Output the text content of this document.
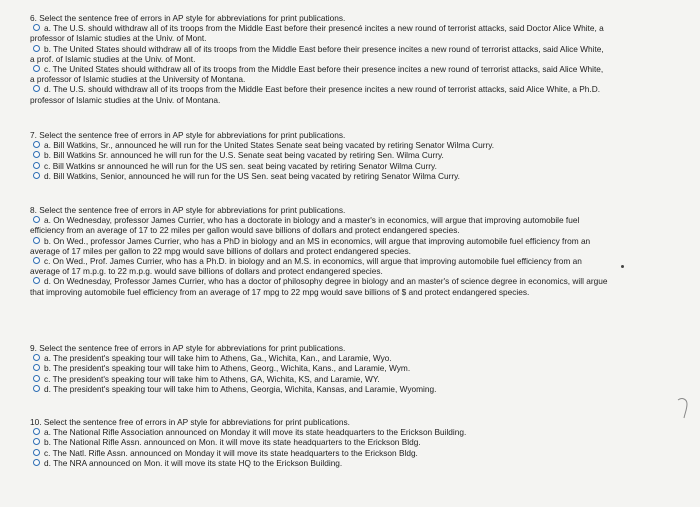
6. Select the sentence free of errors in AP style for abbreviations for print publications.
a. The U.S. should withdraw all of its troops from the Middle East before their presencé incites a new round of terrorist attacks, said Doctor Alice White, a professor of Islamic studies at the Univ. of Mont.
b. The United States should withdraw all of its troops from the Middle East before their presence incites a new round of terrorist attacks, said Alice White, a prof. of Islamic studies at the Univ. of Mont.
c. The United States should withdraw all of its troops from the Middle East before their presence incites a new round of terrorist attacks, said Alice White, a professor of Islamic studies at the University of Montana.
d. The U.S. should withdraw all of its troops from the Middle East before their presence incites a new round of terrorist attacks, said Alice White, a Ph.D. professor of Islamic studies at the Univ. of Montana.
7. Select the sentence free of errors in AP style for abbreviations for print publications.
a. Bill Watkins, Sr., announced he will run for the United States Senate seat being vacated by retiring Senator Wilma Curry.
b. Bill Watkins Sr. announced he will run for the U.S. Senate seat being vacated by retiring Sen. Wilma Curry.
c. Bill Watkins sr announced he will run for the US sen. seat being vacated by retiring Senator Wilma Curry.
d. Bill Watkins, Senior, announced he will run for the US Sen. seat being vacated by retiring Senator Wilma Curry.
8. Select the sentence free of errors in AP style for abbreviations for print publications.
a. On Wednesday, professor James Currier, who has a doctorate in biology and a master's in economics, will argue that improving automobile fuel efficiency from an average of 17 to 22 miles per gallon would save billions of dollars and protect endangered species.
b. On Wed., professor James Currier, who has a PhD in biology and an MS in economics, will argue that improving automobile fuel efficiency from an average of 17 miles per gallon to 22 mpg would save billions of dollars and protect endangered species.
c. On Wed., Prof. James Currier, who has a Ph.D. in biology and an M.S. in economics, will argue that improving automobile fuel efficiency from an average of 17 m.p.g. to 22 m.p.g. would save billions of dollars and protect endangered species.
d. On Wednesday, Professor James Currier, who has a doctor of philosophy degree in biology and an master's of science degree in economics, will argue that improving automobile fuel efficiency from an average of 17 mpg to 22 mpg would save billions of $ and protect endangered species.
9. Select the sentence free of errors in AP style for abbreviations for print publications.
a. The president's speaking tour will take him to Athens, Ga., Wichita, Kan., and Laramie, Wyo.
b. The president's speaking tour will take him to Athens, Georg., Wichita, Kans., and Laramie, Wym.
c. The president's speaking tour will take him to Athens, GA, Wichita, KS, and Laramie, WY.
d. The president's speaking tour will take him to Athens, Georgia, Wichita, Kansas, and Laramie, Wyoming.
10. Select the sentence free of errors in AP style for abbreviations for print publications.
a. The National Rifle Association announced on Monday it will move its state headquarters to the Erickson Building.
b. The National Rifle Assn. announced on Mon. it will move its state headquarters to the Erickson Bldg.
c. The Natl. Rifle Assn. announced on Monday it will move its state headquarters to the Erickson Bldg.
d. The NRA announced on Mon. it will move its state HQ to the Erickson Building.
